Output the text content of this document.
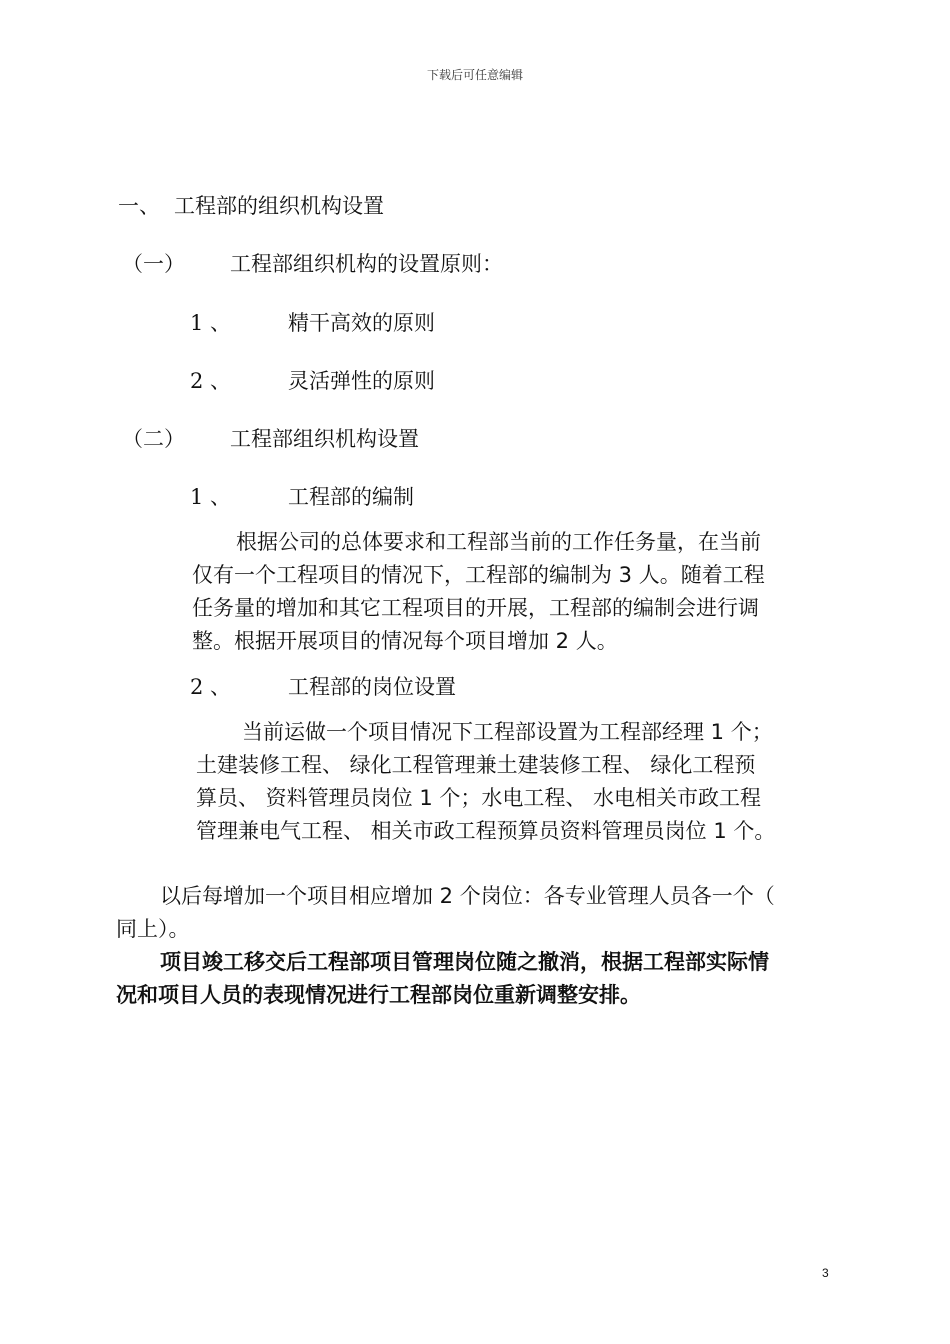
下载后可任意编辑
一、 工程部的组织机构设置
（一） 工程部组织机构的设置原则：
1 、	精干高效的原则
2 、	灵活弹性的原则
（二） 工程部组织机构设置
1 、	工程部的编制
根据公司的总体要求和工程部当前的工作任务量，在当前
仅有一个工程项目的情况下，工程部的编制为 3 人。随着工程
任务量的增加和其它工程项目的开展，工程部的编制会进行调
整。根据开展项目的情况每个项目增加 2 人。
2 、	工程部的岗位设置
当前运做一个项目情况下工程部设置为工程部经理 1 个；
土建装修工程、 绿化工程管理兼土建装修工程、 绿化工程预
算员、 资料管理员岗位 1 个；水电工程、 水电相关市政工程
管理兼电气工程、 相关市政工程预算员资料管理员岗位 1 个。
以后每增加一个项目相应增加 2 个岗位：各专业管理人员各一个（
同上）。
项目竣工移交后工程部项目管理岗位随之撤消，根据工程部实际情
况和项目人员的表现情况进行工程部岗位重新调整安排。
3
